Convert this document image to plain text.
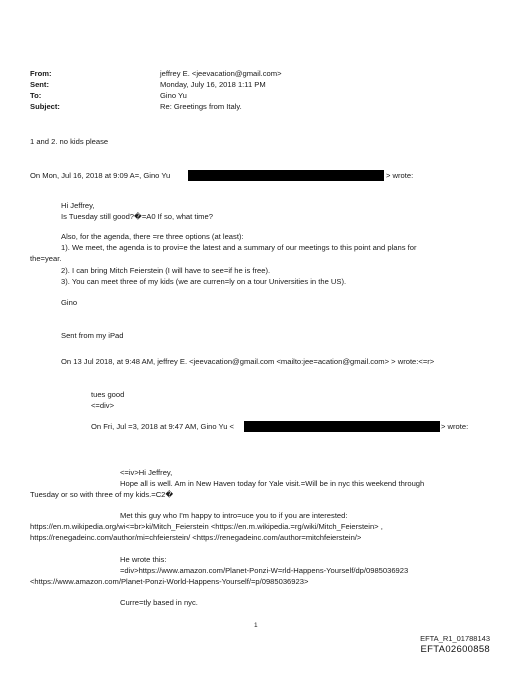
From:	jeffrey E. <jeevacation@gmail.com>
Sent:	Monday, July 16, 2018 1:11 PM
To:	Gino Yu
Subject:	Re: Greetings from Italy.
1 and 2. no kids please
On Mon, Jul 16, 2018 at 9:09 A=, Gino Yu	> wrote:
Hi Jeffrey,
Is Tuesday still good?�=A0 If so, what time?
Also, for the agenda, there =re three options (at least):
1). We meet, the agenda is to provi=e the latest and a summary of our meetings to this point and plans for
the=year.
2). I can bring Mitch Feierstein (I will have to see=if he is free).
3). You can meet three of my kids (we are curren=ly on a tour Universities in the US).
Gino
Sent from my iPad
On 13 Jul 2018, at 9:48 AM, jeffrey E. <jeevacation@gmail.com <mailto:jee=acation@gmail.com> > wrote:<=r>
tues good
<=div>
On Fri, Jul =3, 2018 at 9:47 AM, Gino Yu <	> wrote:
<=iv>Hi Jeffrey,
Hope all is well. Am in New Haven today for Yale visit.=Will be in nyc this weekend through
Tuesday or so with three of my kids.=C2�
Met this guy who I'm happy to intro=uce you to if you are interested:
https://en.m.wikipedia.org/wi<=br>ki/Mitch_Feierstein <https://en.m.wikipedia.=rg/wiki/Mitch_Feierstein> ,
https://renegadeinc.com/author/mi=chfeierstein/ <https://renegadeinc.com/author=mitchfeierstein/>
He wrote this:
=div>https://www.amazon.com/Planet-Ponzi-W=rld-Happens-Yourself/dp/0985036923
<https://www.amazon.com/Planet-Ponzi-World-Happens-Yourself/=p/0985036923>
Curre=tly based in nyc.
1
EFTA_R1_01788143
EFTA02600858
